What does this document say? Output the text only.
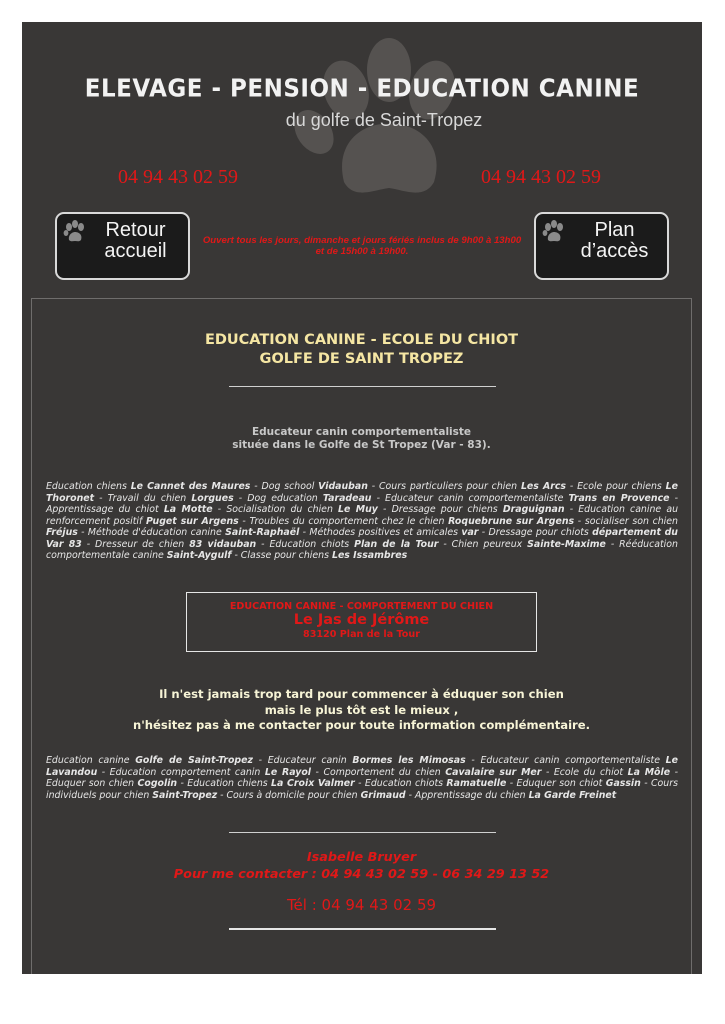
ELEVAGE - PENSION - EDUCATION CANINE
du golfe de Saint-Tropez
04 94 43 02 59	04 94 43 02 59
Retour
accueil	Ouvert tous les jours, dimanche et jours fériés inclus de 9h00 à 13h00 et de 15h00 à 19h00.
Plan
d’accès
EDUCATION CANINE - ECOLE DU CHIOT
GOLFE DE SAINT TROPEZ
Educateur canin comportementaliste
située dans le Golfe de St Tropez (Var - 83).
Education chiens Le Cannet des Maures - Dog school Vidauban - Cours particuliers pour chien Les Arcs - Ecole pour chiens Le Thoronet - Travail du chien Lorgues - Dog education Taradeau - Educateur canin comportementaliste Trans en Provence - Apprentissage du chiot La Motte - Socialisation du chien Le Muy - Dressage pour chiens Draguignan - Education canine au renforcement positif Puget sur Argens - Troubles du comportement chez le chien Roquebrune sur Argens - socialiser son chien Fréjus - Méthode d'éducation canine Saint-Raphaël - Méthodes positives et amicales var - Dressage pour chiots département du Var 83 - Dresseur de chien 83 vidauban - Education chiots Plan de la Tour - Chien peureux Sainte-Maxime - Rééducation comportementale canine Saint-Aygulf - Classe pour chiens Les Issambres
EDUCATION CANINE - COMPORTEMENT DU CHIEN
Le Jas de Jérôme
83120 Plan de la Tour
Il n'est jamais trop tard pour commencer à éduquer son chien
mais le plus tôt est le mieux ,
n'hésitez pas à me contacter pour toute information complémentaire.
Education canine Golfe de Saint-Tropez - Educateur canin Bormes les Mimosas - Educateur canin comportementaliste Le Lavandou - Education comportement canin Le Rayol - Comportement du chien Cavalaire sur Mer - Ecole du chiot La Môle - Eduquer son chien Cogolin - Education chiens La Croix Valmer - Education chiots Ramatuelle - Eduquer son chiot Gassin - Cours individuels pour chien Saint-Tropez - Cours à domicile pour chien Grimaud - Apprentissage du chien La Garde Freinet
Isabelle Bruyer
Pour me contacter : 04 94 43 02 59 - 06 34 29 13 52
Tél : 04 94 43 02 59
